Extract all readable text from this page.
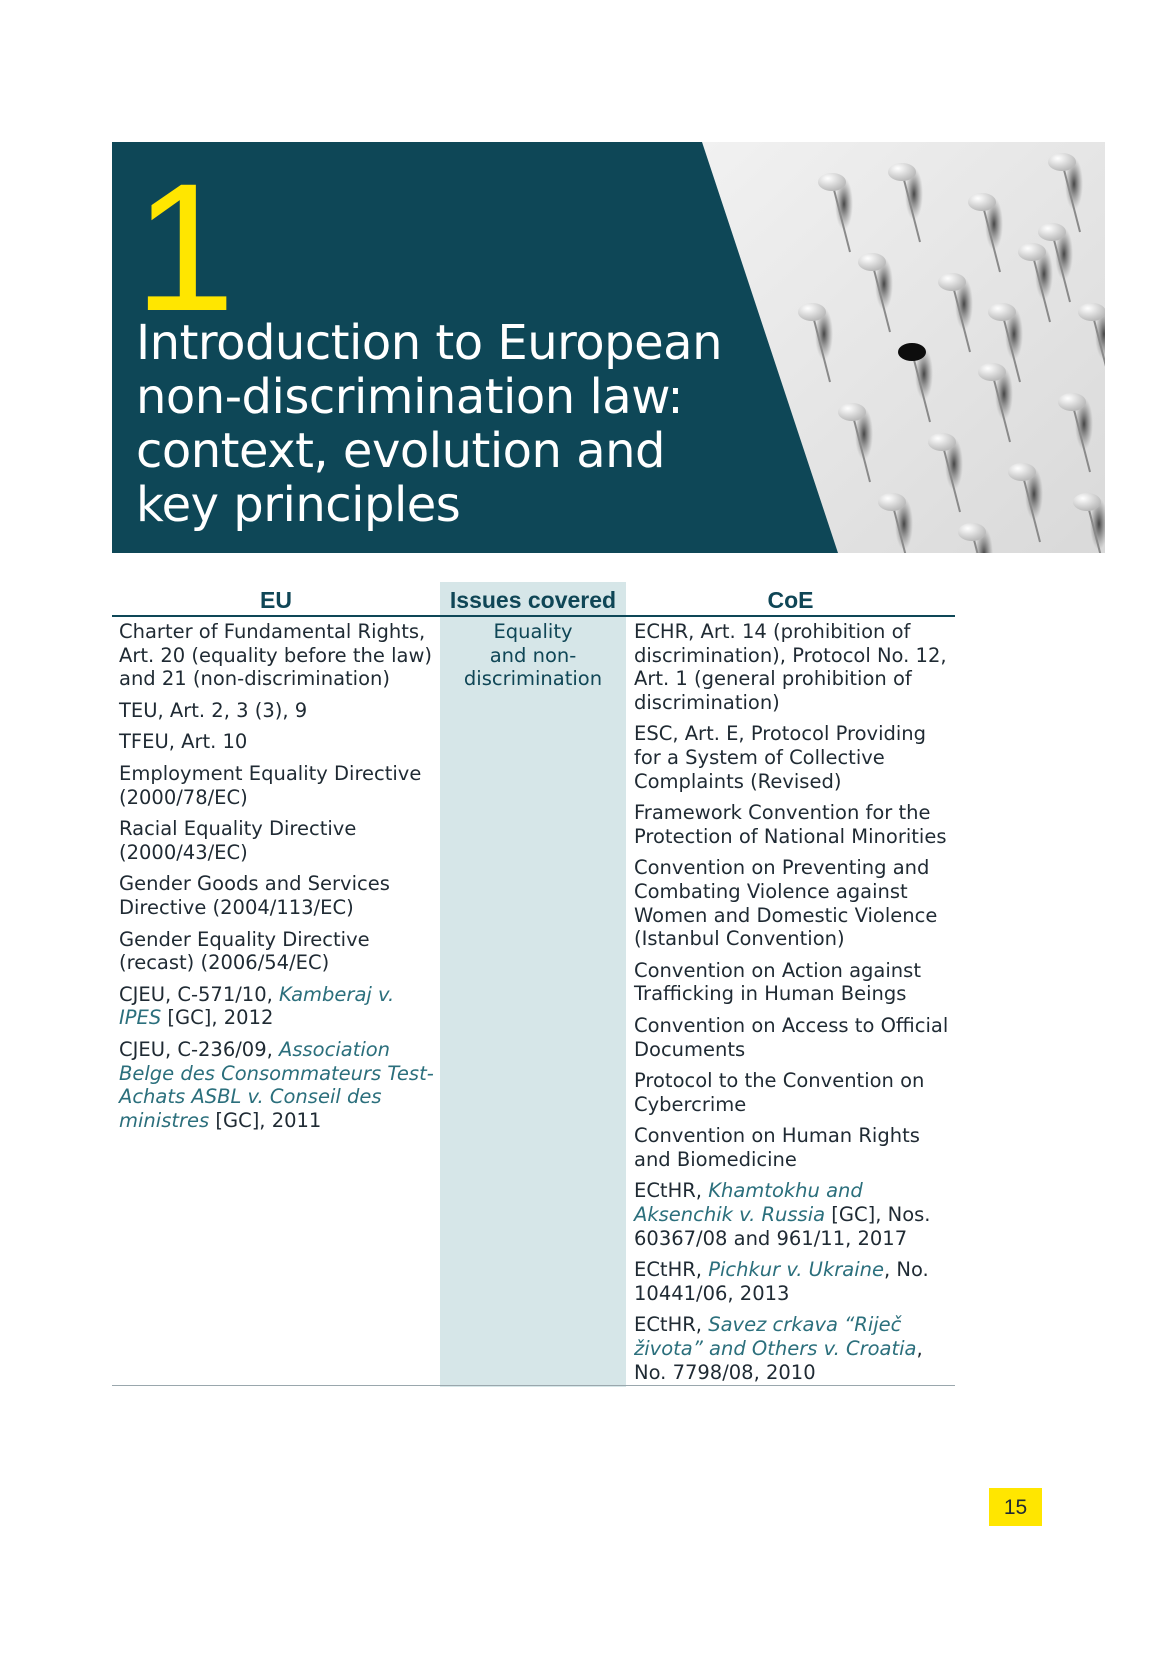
1
Introduction to European non-discrimination law: context, evolution and key principles
EU	Issues covered	CoE

Charter of Fundamental Rights, Art. 20 (equality before the law) and 21 (non-discrimination)

TEU, Art. 2, 3 (3), 9

TFEU, Art. 10

Employment Equality Directive (2000/78/EC)

Racial Equality Directive (2000/43/EC)

Gender Goods and Services Directive (2004/113/EC)

Gender Equality Directive (recast) (2006/54/EC)

CJEU, C-571/10, Kamberaj v. IPES [GC], 2012

CJEU, C-236/09, Association Belge des Consommateurs Test-Achats ASBL v. Conseil des ministres [GC], 2011

Equality
and non-
discrimination

ECHR, Art. 14 (prohibition of discrimination), Protocol No. 12, Art. 1 (general prohibition of discrimination)

ESC, Art. E, Protocol Providing for a System of Collective Complaints (Revised)

Framework Convention for the Protection of National Minorities

Convention on Preventing and Combating Violence against Women and Domestic Violence (Istanbul Convention)

Convention on Action against Trafficking in Human Beings

Convention on Access to Official Documents

Protocol to the Convention on Cybercrime

Convention on Human Rights and Biomedicine

ECtHR, Khamtokhu and Aksenchik v. Russia [GC], Nos. 60367/08 and 961/11, 2017

ECtHR, Pichkur v. Ukraine, No. 10441/06, 2013

ECtHR, Savez crkava “Riječ života” and Others v. Croatia, No. 7798/08, 2010

15
